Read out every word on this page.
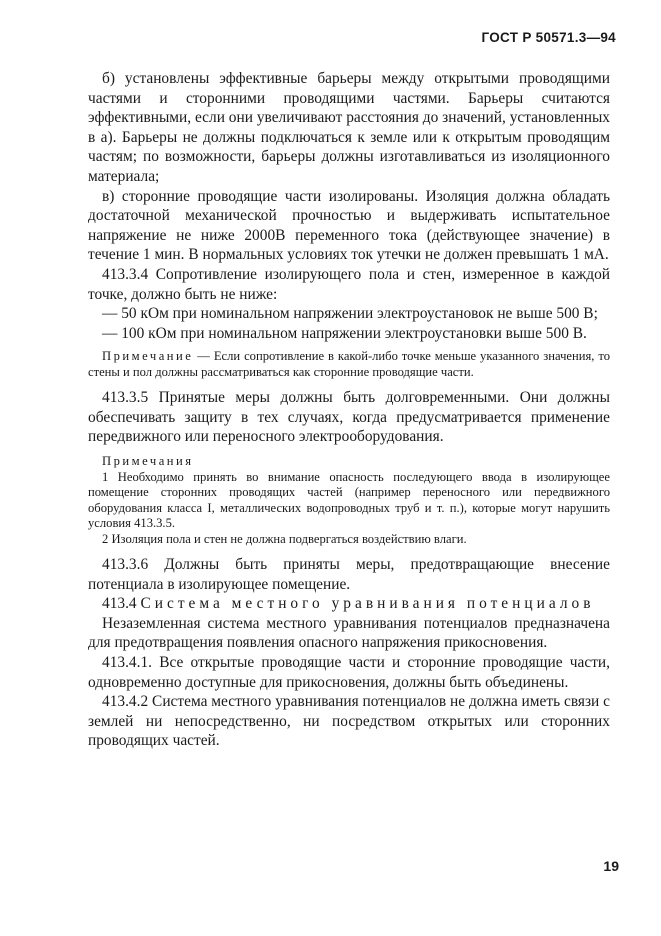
ГОСТ Р 50571.3—94

б) установлены эффективные барьеры между открытыми проводящими частями и сторонними проводящими частями. Барьеры считаются эффективными, если они увеличивают расстояния до значений, установленных в а). Барьеры не должны подключаться к земле или к открытым проводящим частям; по возможности, барьеры должны изготавливаться из изоляционного материала;

в) сторонние проводящие части изолированы. Изоляция должна обладать достаточной механической прочностью и выдерживать испытательное напряжение не ниже 2000В переменного тока (действующее значение) в течение 1 мин. В нормальных условиях ток утечки не должен превышать 1 мА.

413.3.4 Сопротивление изолирующего пола и стен, измеренное в каждой точке, должно быть не ниже:

— 50 кОм при номинальном напряжении электроустановок не выше 500 В;

— 100 кОм при номинальном напряжении электроустановки выше 500 В.

Примечание — Если сопротивление в какой-либо точке меньше указанного значения, то стены и пол должны рассматриваться как сторонние проводящие части.

413.3.5 Принятые меры должны быть долговременными. Они должны обеспечивать защиту в тех случаях, когда предусматривается применение передвижного или переносного электрооборудования.

Примечания

1 Необходимо принять во внимание опасность последующего ввода в изолирующее помещение сторонних проводящих частей (например переносного или передвижного оборудования класса I, металлических водопроводных труб и т. п.), которые могут нарушить условия 413.3.5.

2 Изоляция пола и стен не должна подвергаться воздействию влаги.

413.3.6 Должны быть приняты меры, предотвращающие внесение потенциала в изолирующее помещение.

413.4 Система местного уравнивания потенциалов

Незаземленная система местного уравнивания потенциалов предназначена для предотвращения появления опасного напряжения прикосновения.

413.4.1. Все открытые проводящие части и сторонние проводящие части, одновременно доступные для прикосновения, должны быть объединены.

413.4.2 Система местного уравнивания потенциалов не должна иметь связи с землей ни непосредственно, ни посредством открытых или сторонних проводящих частей.

19
